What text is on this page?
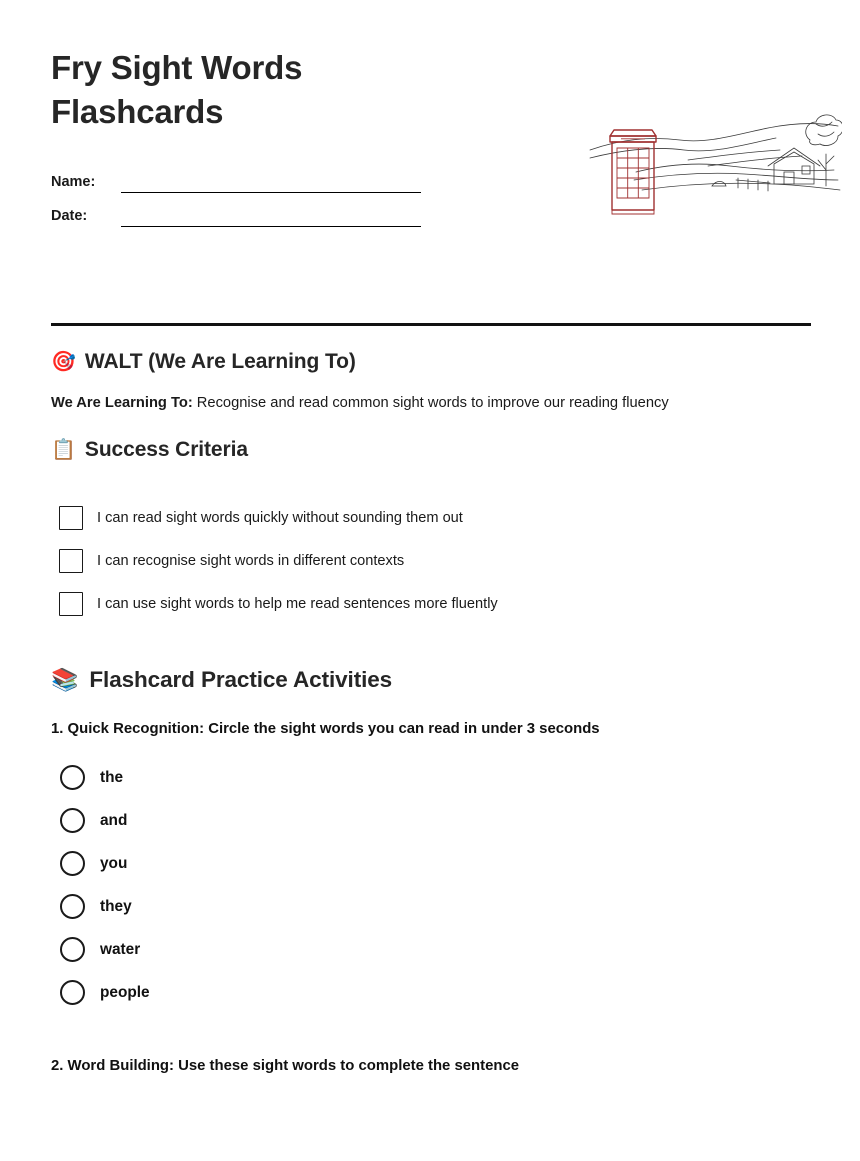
Fry Sight Words Flashcards
Name:
Date:
🎯 WALT (We Are Learning To)

We Are Learning To: Recognise and read common sight words to improve our reading fluency

📋 Success Criteria
I can read sight words quickly without sounding them out
I can recognise sight words in different contexts
I can use sight words to help me read sentences more fluently
📚 Flashcard Practice Activities
1. Quick Recognition: Circle the sight words you can read in under 3 seconds
the
and
you
they
water
people
2. Word Building: Use these sight words to complete the sentence
